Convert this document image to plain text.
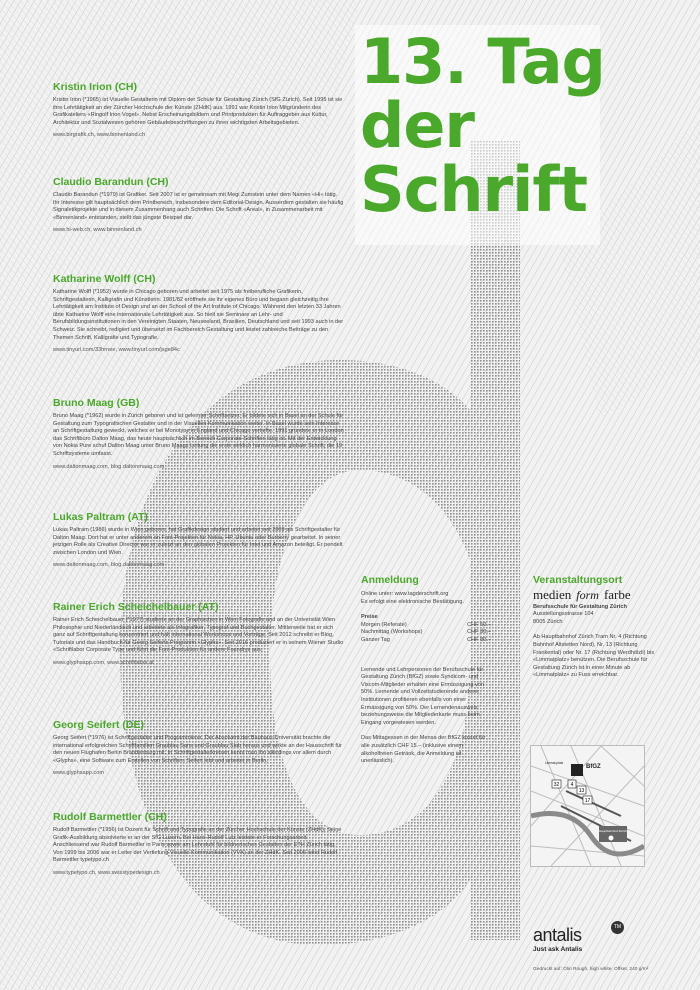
13. Tag
der
Schrift
Kristin Irion (CH)

Kristin Irion (*1965) ist Visuelle Gestalterin mit Diplom der Schule für Gestaltung Zürich (SfG Zürich). Seit 1995 ist sie ihre Lehrtätigkeit an der Zürcher Hochschule der Künste (ZHdK) aus. 1991 war Kristin Irion Mitgründerin des Grafikateliers «Ringolf Irion Vogel». Nebst Erscheinungsbildern und Printprodukten für Auftraggeber aus Kultur, Architektur und Sozialwesen gehören Gebäudebeschriftungen zu ihren wichtigsten Arbeitsgebieten.

www.birgrafik.ch, www.binnenland.ch

Claudio Barandun (CH)

Claudio Barandun (*1979) ist Grafiker. Seit 2007 ist er gemeinsam mit Megi Zumstein unter dem Namen «Hi» tätig. Ihr Interesse gilt hauptsächlich dem Printbereich, insbesondere dem Editorial-Design. Ausserdem gestalten sie häufig Signaletikprojekte und in diesem Zusammenhang auch Schriften. Die Schrift «Areal», in Zusammenarbeit mit «Binnenland» entstanden, stellt das jüngste Beispiel dar.

www.hi-web.ch, www.binnenland.ch

Katharine Wolff (CH)

Katharine Wolff (*1952) wurde in Chicago geboren und arbeitet seit 1975 als freiberufliche Grafikerin, Schriftgestalterin, Kalligrafin und Künstlerin. 1981/82 eröffnete sie ihr eigenes Büro und begann gleichzeitig ihre Lehrtätigkeit am Institute of Design und an der School of the Art Institute of Chicago. Während den letzten 33 Jahren übte Katharine Wolff eine internationale Lehrtätigkeit aus. So hielt sie Seminare an Lehr- und Berufsbildungsinstitutionen in den Vereinigten Staaten, Neuseeland, Brasilien, Deutschland und seit 1993 auch in der Schweiz. Sie schreibt, redigiert und übersetzt im Fachbereich Gestaltung und leistet zahlreiche Beiträge zu den Themen Schrift, Kalligrafie und Typografie.

www.tinyurl.com/33hrnee, www.tinyurl.com/jsge84c

Bruno Maag (GB)

Bruno Maag (*1962) wurde in Zürich geboren und ist gelernter Schriftsetzer. Er bildete sich in Basel an der Schule für Gestaltung zum Typografischen Gestalter und in der Visuellen Kommunikation weiter. In Basel wurde sein Interesse an Schriftgestaltung geweckt, welches er bei Monotype in England und Chicago vertiefte. 1991 gründete er in London das Schriftbüro Dalton Maag, das heute hauptsächlich im Bereich Corporate-Schriften tätig ist. Mit der Entwicklung von Nokia Pure schuf Dalton Maag unter Bruno Maags Leitung die erste wirklich harmonisierte globale Schrift, die 19 Schriftsysteme umfasst.

www.daltonmaag.com, blog.daltonmaag.com

Lukas Paltram (AT)

Lukas Paltram (1986) wurde in Wien geboren, hat Grafikdesign studiert und arbeitet seit 2009 als Schriftgestalter für Dalton Maag. Dort hat er unter anderem an Font-Projekten für Nokia, HP, Ubuntu oder Burberry gearbeitet. In seiner jetzigen Rolle als Creative Director war er zuletzt an den globalen Projekten für Intel und Amazon beteiligt. Er pendelt zwischen London und Wien.

www.daltonmaag.com, blog.daltonmaag.com

Rainer Erich Scheichelbauer (AT)

Rainer Erich Scheichelbauer (*1977) studierte an der Graphischen in Wien Fotografie und an der Universität Wien Philosophie und Niederländisch und arbeitete als Infografiker, Typograf und Buchgestalter. Mittlerweile hat er sich ganz auf Schriftgestaltung konzentriert und hält international Workshops und Vorträge. Seit 2012 schreibt er Blog, Tutorials und das Handbuch für Georg Seiferts Programm «Glyphs». Seit 2016 produziert er in seinem Wiener Studio «Schriftlabor Corporate Type und führt die Font-Produktion für andere Foundrys aus.

www.glyphsapp.com, www.schriftlabor.at

Georg Seifert (DE)

Georg Seifert (*1976) ist Schriftgestalter und Programmierer. Der Absolvent der Bauhaus-Universität brachte die international erfolgreichen Schriftfamilien Graublau Sans und Graublau Slab heraus und wirkte an der Hausschrift für den neuen Flughafen Berlin Brandenburg mit. In Schriftgestalterkreisen kennt man ihn allerdings vor allem durch «Glyphs», eine Software zum Erstellen von Schriften. Seifert lebt und arbeitet in Berlin.

www.glyphsapp.com

Rudolf Barmettler (CH)

Rudolf Barmettler (*1956) ist Dozent für Schrift und Typografie an der Zürcher Hochschule der Künste (ZHdK). Seine Grafik-Ausbildung absolvierte er an der SfG Luzern. Bei Hans-Rudolf Lutz leistete er Forschungsarbeit. Anschliessend war Rudolf Barmettler in Paris sowie am Lehrstuhl für bildnerisches Gestalten der ETH Zürich tätig. Von 1999 bis 2006 war er Leiter der Vertiefung Visuelle Kommunikation (VVK) an der ZHdK. Seit 2006 leitet Rudolf Barmettler typetypo.ch

www.typetypo.ch, www.swisstypedesign.ch

Anmeldung

Online unter: www.tagderschrift.org

Es erfolgt eine elektronische Bestätigung.

Preise

Morgen (Referate)	CHF 50.–
Nachmittag (Workshops)	CHF 30.–
Ganzer Tag	CHF 80.–

Lernende und Lehrpersonen der Berufsschule für Gestaltung Zürich (BfGZ) sowie Syndicom- und Viscom-Mitglieder erhalten eine Ermässigung von 50%. Lernende und Vollzeitstudierende anderer Institutionen profitieren ebenfalls von einer Ermässigung von 50%. Der Lernendenausweis beziehungsweise die Mitgliederkarte muss beim Eingang vorgewiesen werden.

Das Mittagessen in der Mensa der BfGZ kostet für alle zusätzlich CHF 15.– (inklusive einem alkoholfreien Getränk, die Anmeldung ist unerlässlich).

Veranstaltungsort
medien form farbe

Berufsschule für Gestaltung Zürich

Ausstellungsstrasse 104

8005 Zürich

Ab Hauptbahnhof Zürich Tram Nr. 4 (Richtung Bahnhof Altstetten Nord), Nr. 13 (Richtung Frankental) oder Nr. 17 (Richtung Werdhölzli) bis «Limmatplatz» benützen. Die Berufsschule für Gestaltung Zürich ist in einer Minute ab «Limmatplatz» zu Fuss erreichbar.

Hauptbahnhof Zürich
BfGZ
Limmat-platz
32 4
13
17
antalis
Just ask Antalis
TM
Gedruckt auf: Olin Rough, high white, Offset, 240 g/m²
